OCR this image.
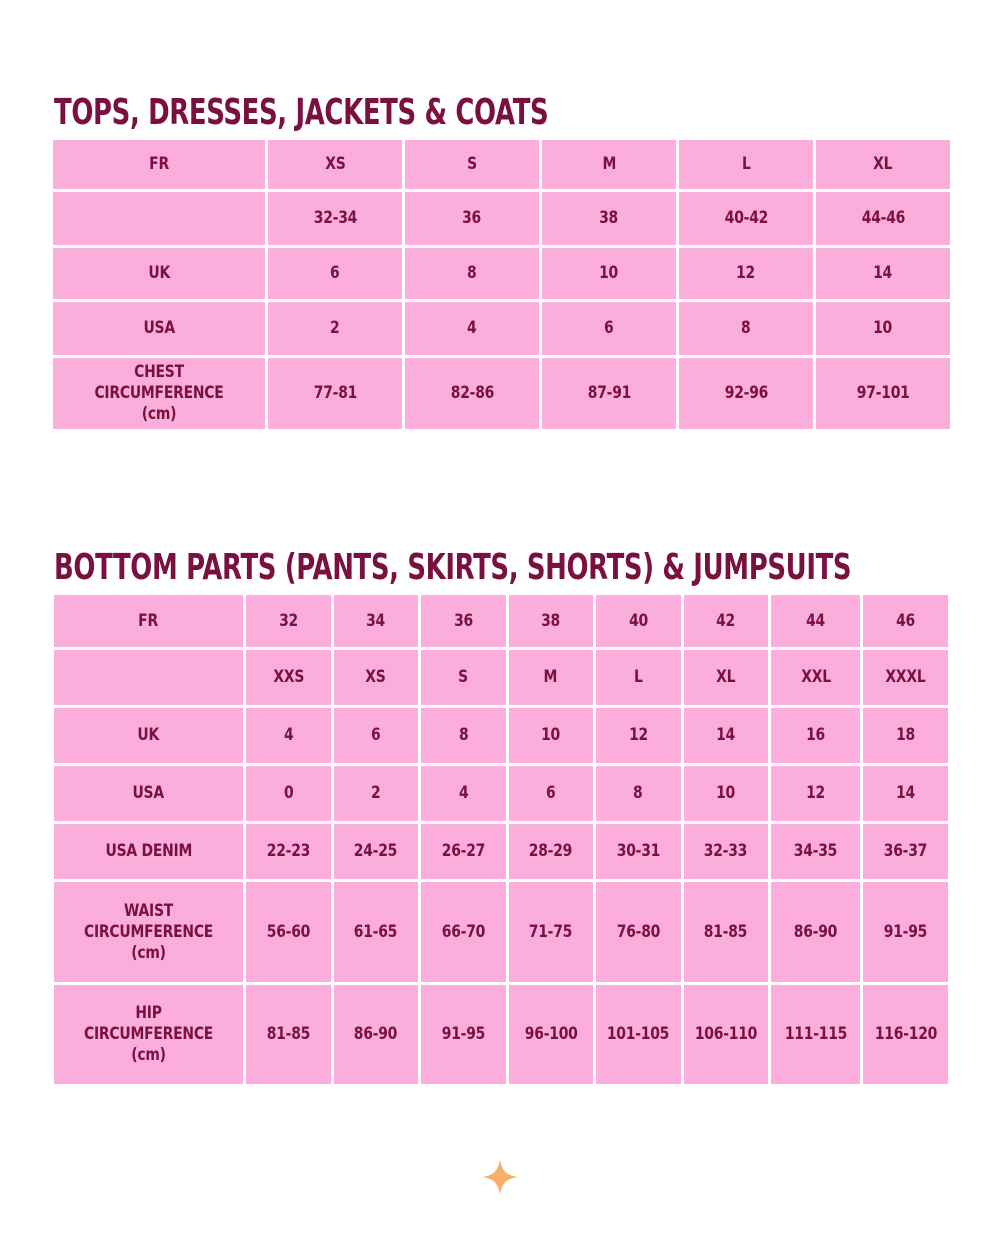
TOPS, DRESSES, JACKETS & COATS
FR	XS	S	M	L	XL
	32-34	36	38	40-42	44-46
UK	6	8	10	12	14
USA	2	4	6	8	10
CHEST CIRCUMFERENCE (cm)	77-81	82-86	87-91	92-96	97-101
BOTTOM PARTS (PANTS, SKIRTS, SHORTS) & JUMPSUITS
FR	32	34	36	38	40	42	44	46
	XXS	XS	S	M	L	XL	XXL	XXXL
UK	4	6	8	10	12	14	16	18
USA	0	2	4	6	8	10	12	14
USA DENIM	22-23	24-25	26-27	28-29	30-31	32-33	34-35	36-37
WAIST CIRCUMFERENCE (cm)	56-60	61-65	66-70	71-75	76-80	81-85	86-90	91-95
HIP CIRCUMFERENCE (cm)	81-85	86-90	91-95	96-100	101-105	106-110	111-115	116-120
